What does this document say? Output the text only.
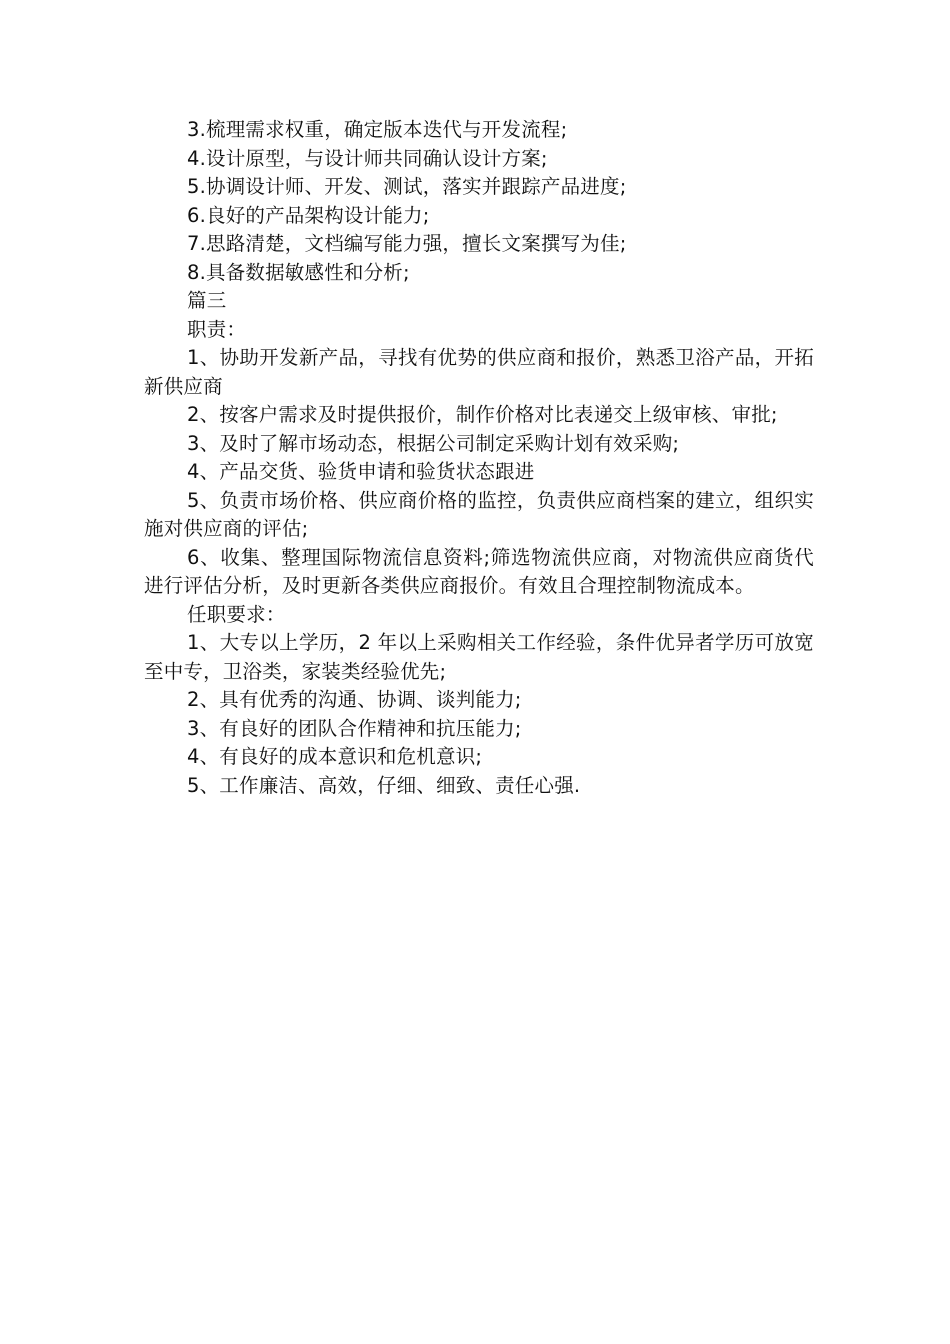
3.梳理需求权重，确定版本迭代与开发流程;

4.设计原型，与设计师共同确认设计方案;

5.协调设计师、开发、测试，落实并跟踪产品进度;

6.良好的产品架构设计能力;

7.思路清楚，文档编写能力强，擅长文案撰写为佳;

8.具备数据敏感性和分析;

篇三

职责：

1、协助开发新产品，寻找有优势的供应商和报价，熟悉卫浴产品，开拓新供应商

2、按客户需求及时提供报价，制作价格对比表递交上级审核、审批;

3、及时了解市场动态，根据公司制定采购计划有效采购;

4、产品交货、验货申请和验货状态跟进

5、负责市场价格、供应商价格的监控，负责供应商档案的建立，组织实施对供应商的评估;

6、收集、整理国际物流信息资料;筛选物流供应商，对物流供应商货代进行评估分析，及时更新各类供应商报价。有效且合理控制物流成本。

任职要求：

1、大专以上学历，2 年以上采购相关工作经验，条件优异者学历可放宽至中专，卫浴类，家装类经验优先;

2、具有优秀的沟通、协调、谈判能力;

3、有良好的团队合作精神和抗压能力;

4、有良好的成本意识和危机意识;

5、工作廉洁、高效，仔细、细致、责任心强.
